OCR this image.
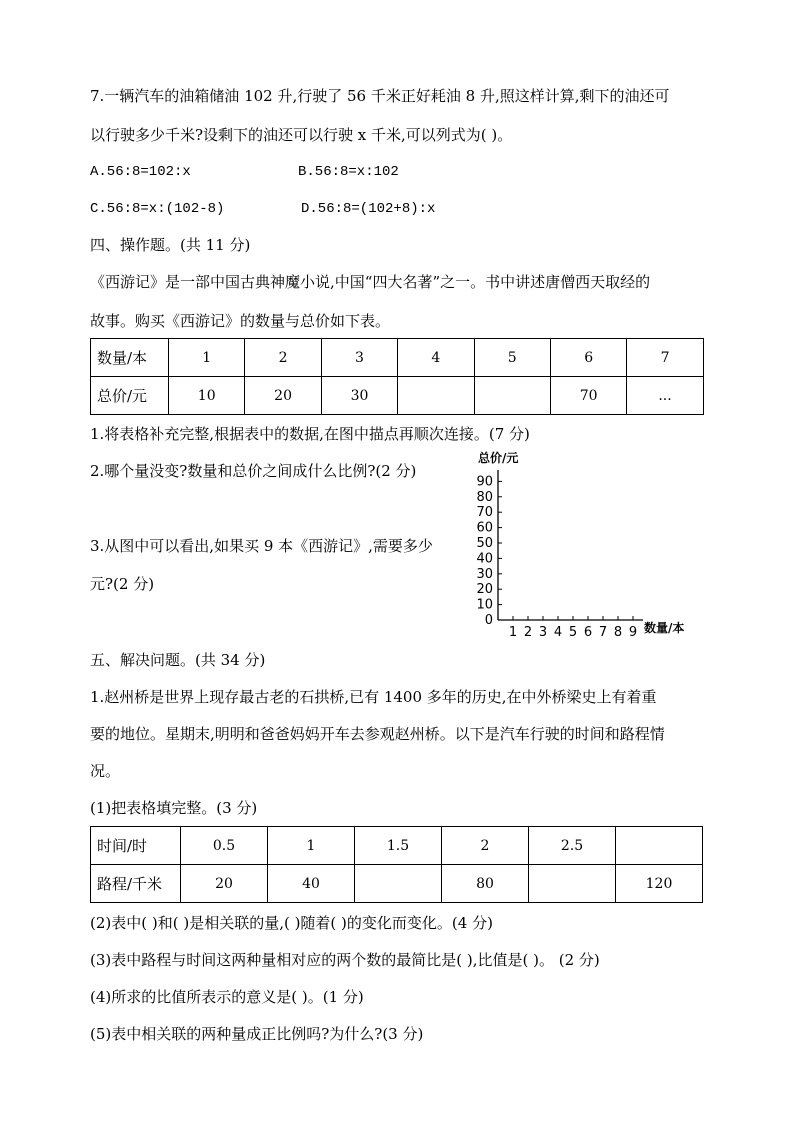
7.一辆汽车的油箱储油 102 升,行驶了 56 千米正好耗油 8 升,照这样计算,剩下的油还可
以行驶多少千米?设剩下的油还可以行驶 x 千米,可以列式为( )。
A.56:8=102:x	B.56:8=x:102
C.56:8=x:(102-8)	D.56:8=(102+8):x
四、操作题。(共 11 分)
《西游记》是一部中国古典神魔小说,中国“四大名著”之一。书中讲述唐僧西天取经的
故事。购买《西游记》的数量与总价如下表。
数量/本	1	2	3	4	5	6	7
总价/元	10	20	30			70	...
1.将表格补充完整,根据表中的数据,在图中描点再顺次连接。(7 分)
2.哪个量没变?数量和总价之间成什么比例?(2 分)
3.从图中可以看出,如果买 9 本《西游记》,需要多少
元?(2 分)
总价/元
数量/本
0
10
20
30
40
50
60
70
80
90
1 2 3 4 5 6 7 8 9
五、解决问题。(共 34 分)
1.赵州桥是世界上现存最古老的石拱桥,已有 1400 多年的历史,在中外桥梁史上有着重
要的地位。星期末,明明和爸爸妈妈开车去参观赵州桥。以下是汽车行驶的时间和路程情
况。
(1)把表格填完整。(3 分)
时间/时	0.5	1	1.5	2	2.5	
路程/千米	20	40		80		120
(2)表中( )和( )是相关联的量,( )随着( )的变化而变化。(4 分)
(3)表中路程与时间这两种量相对应的两个数的最简比是( ),比值是( )。 (2 分)
(4)所求的比值所表示的意义是( )。(1 分)
(5)表中相关联的两种量成正比例吗?为什么?(3 分)
